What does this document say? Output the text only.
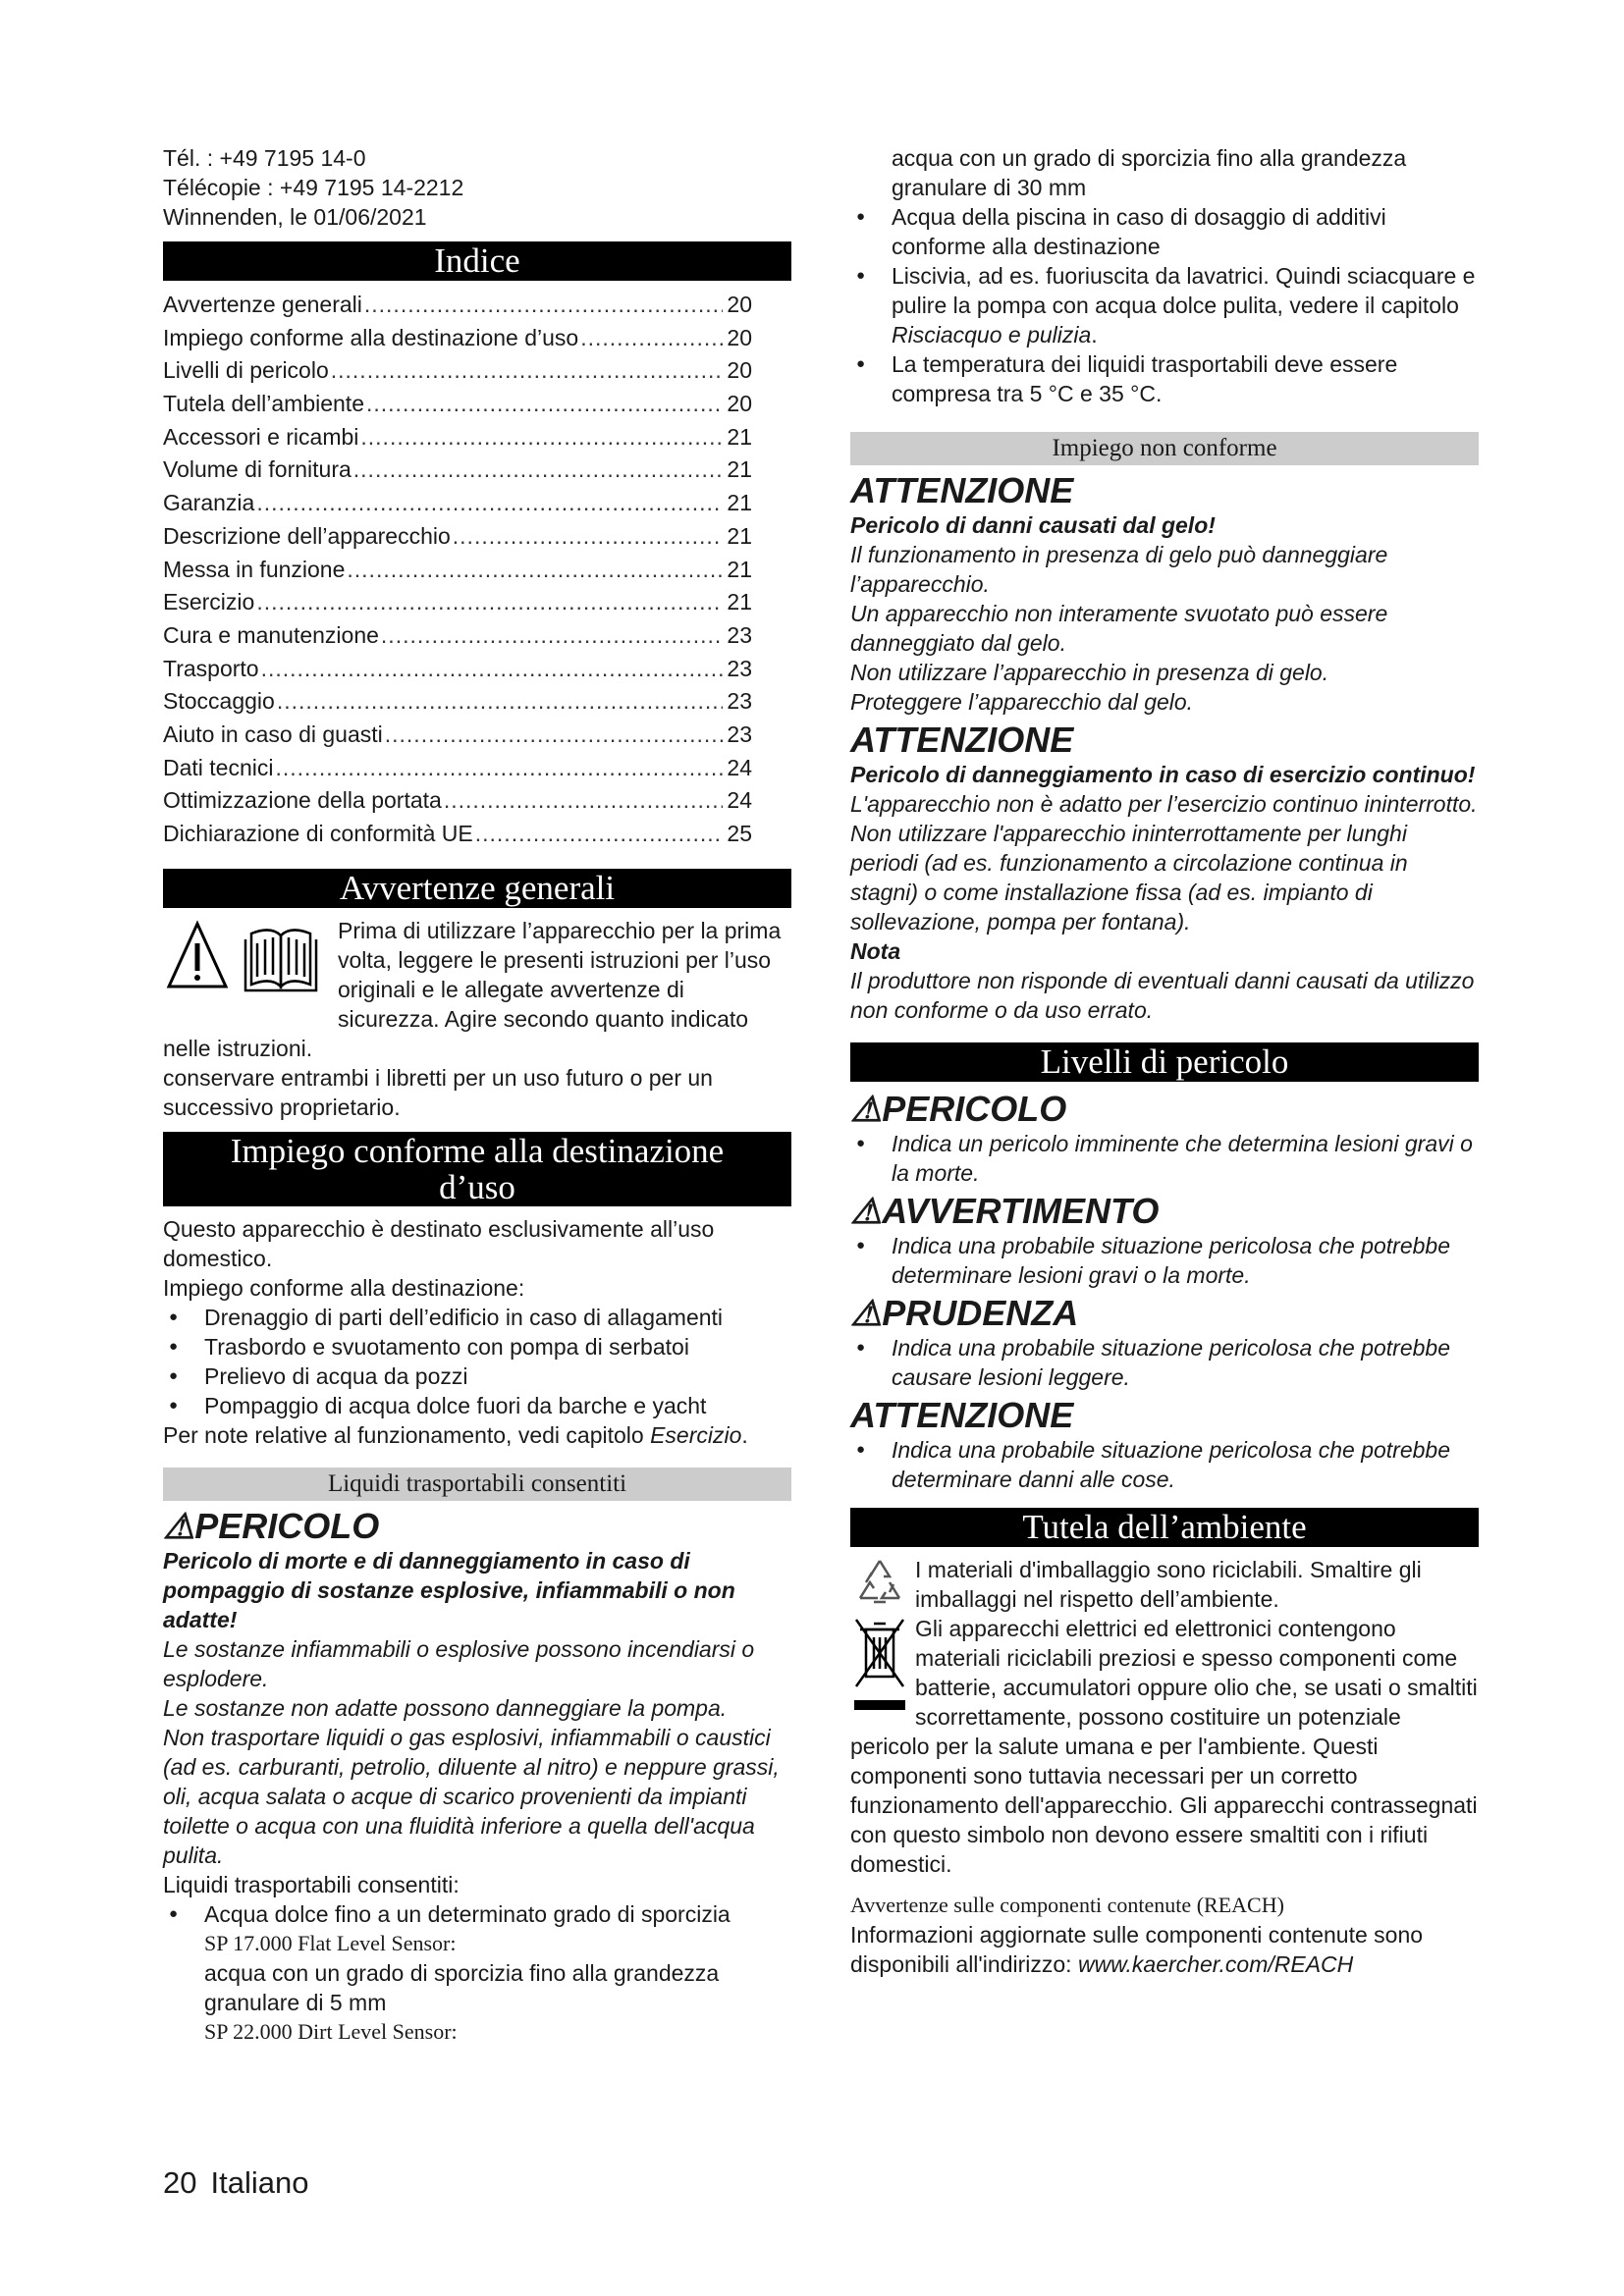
Tél. : +49 7195 14-0

Télécopie : +49 7195 14-2212

Winnenden, le 01/06/2021

Indice
Avvertenze generali .....	20
Impiego conforme alla destinazione d’uso .....	20
Livelli di pericolo .....	20
Tutela dell’ambiente .....	20
Accessori e ricambi .....	21
Volume di fornitura .....	21
Garanzia .....	21
Descrizione dell’apparecchio .....	21
Messa in funzione .....	21
Esercizio .....	21
Cura e manutenzione .....	23
Trasporto .....	23
Stoccaggio .....	23
Aiuto in caso di guasti .....	23
Dati tecnici .....	24
Ottimizzazione della portata .....	24
Dichiarazione di conformità UE .....	25
Avvertenze generali

Prima di utilizzare l’apparecchio per la prima volta, leggere le presenti istruzioni per l’uso originali e le allegate avvertenze di sicurezza. Agire secondo quanto indicato nelle istruzioni.

conservare entrambi i libretti per un uso futuro o per un successivo proprietario.

Impiego conforme alla destinazione
d’uso

Questo apparecchio è destinato esclusivamente all’uso domestico.

Impiego conforme alla destinazione:

● Drenaggio di parti dell’edificio in caso di allagamenti
● Trasbordo e svuotamento con pompa di serbatoi
● Prelievo di acqua da pozzi
● Pompaggio di acqua dolce fuori da barche e yacht

Per note relative al funzionamento, vedi capitolo Esercizio.

Liquidi trasportabili consentiti

⚠PERICOLO

Pericolo di morte e di danneggiamento in caso di pompaggio di sostanze esplosive, infiammabili o non adatte!

Le sostanze infiammabili o esplosive possono incendiarsi o esplodere.

Le sostanze non adatte possono danneggiare la pompa.

Non trasportare liquidi o gas esplosivi, infiammabili o caustici (ad es. carburanti, petrolio, diluente al nitro) e neppure grassi, oli, acqua salata o acque di scarico provenienti da impianti toilette o acqua con una fluidità inferiore a quella dell'acqua pulita.

Liquidi trasportabili consentiti:

● Acqua dolce fino a un determinato grado di sporcizia

SP 17.000 Flat Level Sensor:

acqua con un grado di sporcizia fino alla grandezza granulare di 5 mm

SP 22.000 Dirt Level Sensor:

acqua con un grado di sporcizia fino alla grandezza granulare di 30 mm

● Acqua della piscina in caso di dosaggio di additivi conforme alla destinazione
● Liscivia, ad es. fuoriuscita da lavatrici. Quindi sciacquare e pulire la pompa con acqua dolce pulita, vedere il capitolo Risciacquo e pulizia.
● La temperatura dei liquidi trasportabili deve essere compresa tra 5 °C e 35 °C.
Impiego non conforme

ATTENZIONE

Pericolo di danni causati dal gelo!

Il funzionamento in presenza di gelo può danneggiare l’apparecchio.

Un apparecchio non interamente svuotato può essere danneggiato dal gelo.

Non utilizzare l’apparecchio in presenza di gelo.

Proteggere l’apparecchio dal gelo.

ATTENZIONE

Pericolo di danneggiamento in caso di esercizio continuo!

L'apparecchio non è adatto per l’esercizio continuo ininterrotto.

Non utilizzare l'apparecchio ininterrottamente per lunghi periodi (ad es. funzionamento a circolazione continua in stagni) o come installazione fissa (ad es. impianto di sollevazione, pompa per fontana).

Nota

Il produttore non risponde di eventuali danni causati da utilizzo non conforme o da uso errato.

Livelli di pericolo

⚠PERICOLO

● Indica un pericolo imminente che determina lesioni gravi o la morte.

⚠AVVERTIMENTO

● Indica una probabile situazione pericolosa che potrebbe determinare lesioni gravi o la morte.

⚠PRUDENZA

● Indica una probabile situazione pericolosa che potrebbe causare lesioni leggere.

ATTENZIONE

● Indica una probabile situazione pericolosa che potrebbe determinare danni alle cose.
Tutela dell’ambiente

I materiali d'imballaggio sono riciclabili. Smaltire gli imballaggi nel rispetto dell’ambiente.

Gli apparecchi elettrici ed elettronici contengono materiali riciclabili preziosi e spesso componenti come batterie, accumulatori oppure olio che, se usati o smaltiti scorrettamente, possono costituire un potenziale pericolo per la salute umana e per l'ambiente. Questi componenti sono tuttavia necessari per un corretto funzionamento dell'apparecchio. Gli apparecchi contrassegnati con questo simbolo non devono essere smaltiti con i rifiuti domestici.

Avvertenze sulle componenti contenute (REACH)

Informazioni aggiornate sulle componenti contenute sono disponibili all'indirizzo: www.kaercher.com/REACH

20 Italiano
